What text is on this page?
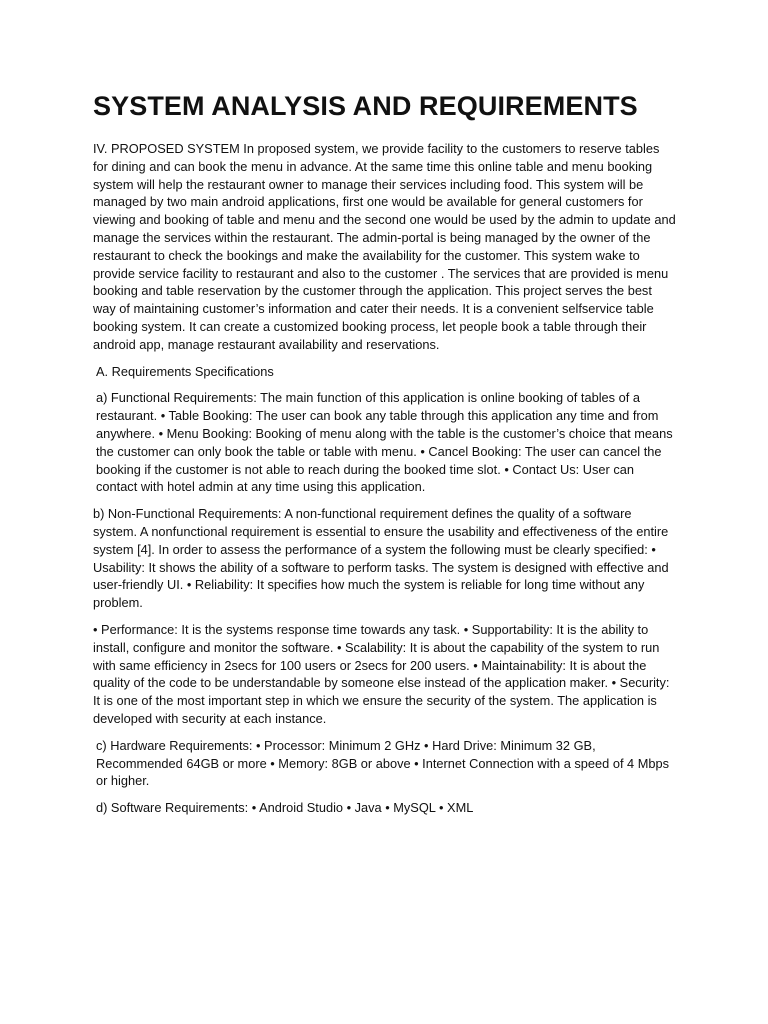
SYSTEM ANALYSIS AND REQUIREMENTS

IV. PROPOSED SYSTEM In proposed system, we provide facility to the customers to reserve tables for dining and can book the menu in advance. At the same time this online table and menu booking system will help the restaurant owner to manage their services including food. This system will be managed by two main android applications, first one would be available for general customers for viewing and booking of table and menu and the second one would be used by the admin to update and manage the services within the restaurant. The admin-portal is being managed by the owner of the restaurant to check the bookings and make the availability for the customer. This system wake to provide service facility to restaurant and also to the customer . The services that are provided is menu booking and table reservation by the customer through the application. This project serves the best way of maintaining customer’s information and cater their needs. It is a convenient selfservice table booking system. It can create a customized booking process, let people book a table through their android app, manage restaurant availability and reservations.

A. Requirements Specifications

a) Functional Requirements: The main function of this application is online booking of tables of a restaurant. • Table Booking: The user can book any table through this application any time and from anywhere. • Menu Booking: Booking of menu along with the table is the customer’s choice that means the customer can only book the table or table with menu. • Cancel Booking: The user can cancel the booking if the customer is not able to reach during the booked time slot. • Contact Us: User can contact with hotel admin at any time using this application.

b) Non-Functional Requirements: A non-functional requirement defines the quality of a software system. A nonfunctional requirement is essential to ensure the usability and effectiveness of the entire system [4]. In order to assess the performance of a system the following must be clearly specified: • Usability: It shows the ability of a software to perform tasks. The system is designed with effective and user-friendly UI. • Reliability: It specifies how much the system is reliable for long time without any problem.

• Performance: It is the systems response time towards any task. • Supportability: It is the ability to install, configure and monitor the software. • Scalability: It is about the capability of the system to run with same efficiency in 2secs for 100 users or 2secs for 200 users. • Maintainability: It is about the quality of the code to be understandable by someone else instead of the application maker. • Security: It is one of the most important step in which we ensure the security of the system. The application is developed with security at each instance.

c) Hardware Requirements: • Processor: Minimum 2 GHz • Hard Drive: Minimum 32 GB, Recommended 64GB or more • Memory: 8GB or above • Internet Connection with a speed of 4 Mbps or higher.

d) Software Requirements: • Android Studio • Java • MySQL • XML
